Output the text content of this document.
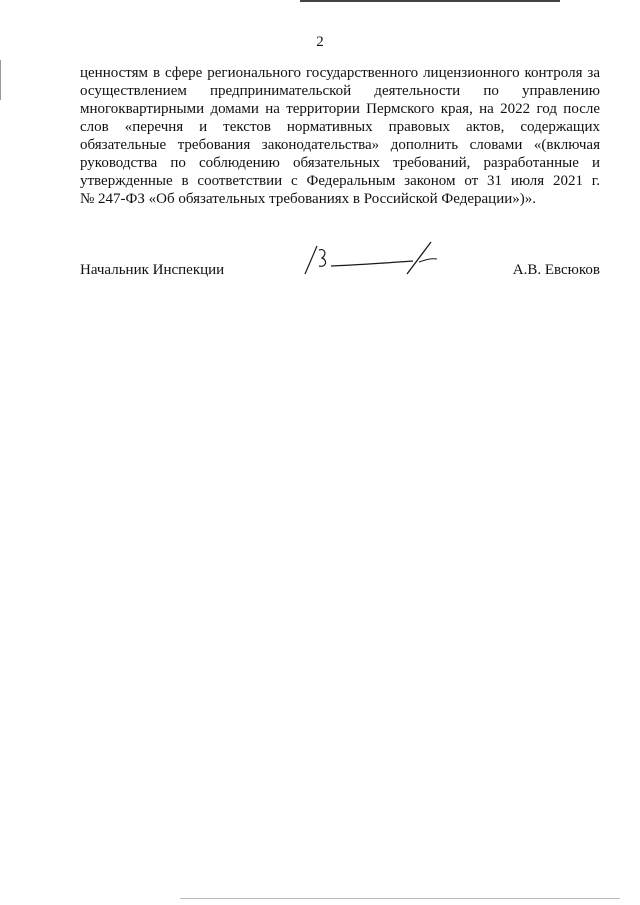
2

ценностям в сфере регионального государственного лицензионного контроля за
осуществлением предпринимательской деятельности по управлению
многоквартирными домами на территории Пермского края, на 2022 год после
слов «перечня и текстов нормативных правовых актов, содержащих
обязательные требования законодательства» дополнить словами «(включая
руководства по соблюдению обязательных требований, разработанные и
утвержденные в соответствии с Федеральным законом от 31 июля 2021 г.
№ 247-ФЗ «Об обязательных требованиях в Российской Федерации»)».

Начальник Инспекции	А.В. Евсюков
